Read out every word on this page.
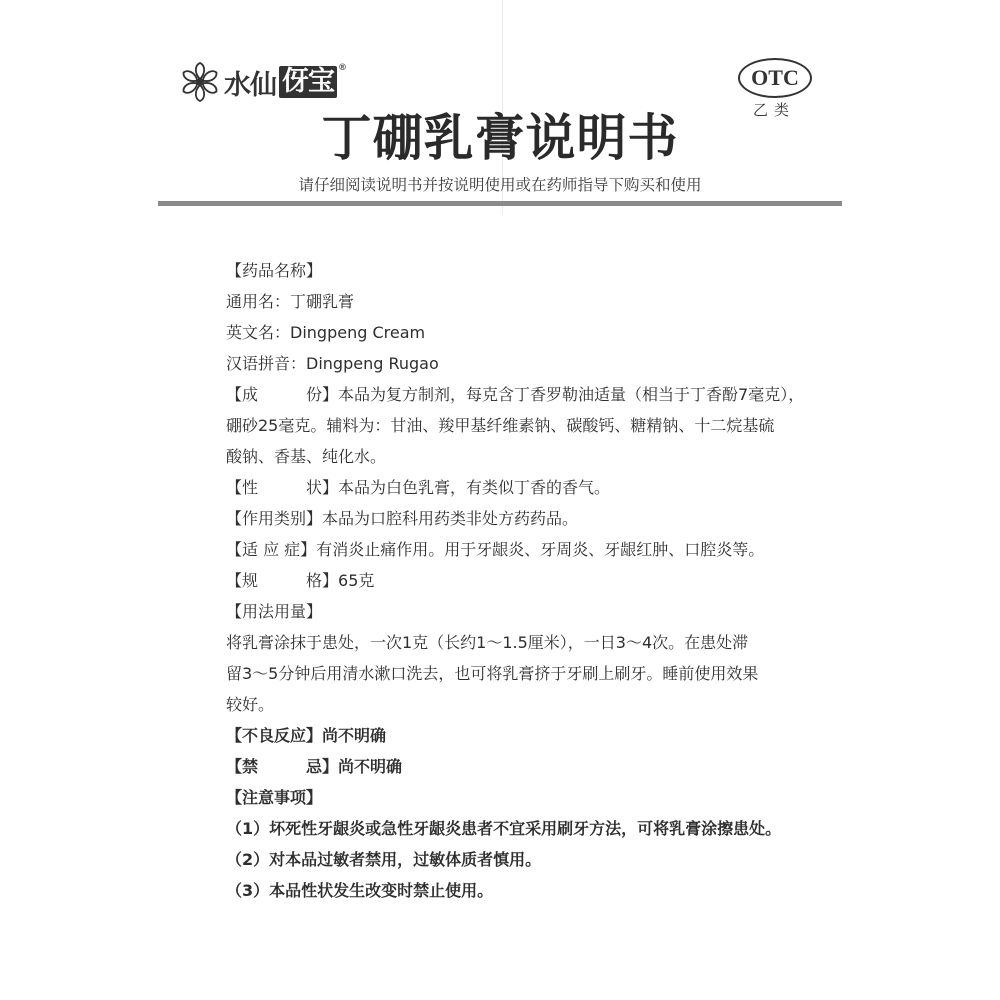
水仙 伢宝 ®	OTC
乙类
丁硼乳膏说明书
请仔细阅读说明书并按说明使用或在药师指导下购买和使用

【药品名称】

通用名：丁硼乳膏

英文名：Dingpeng Cream

汉语拼音：Dingpeng Rugao

【成	份】本品为复方制剂，每克含丁香罗勒油适量（相当于丁香酚7毫克），

硼砂25毫克。辅料为：甘油、羧甲基纤维素钠、碳酸钙、糖精钠、十二烷基硫

酸钠、香基、纯化水。

【性	状】本品为白色乳膏，有类似丁香的香气。

【作用类别】本品为口腔科用药类非处方药药品。

【适 应 症】有消炎止痛作用。用于牙龈炎、牙周炎、牙龈红肿、口腔炎等。

【规	格】65克

【用法用量】

将乳膏涂抹于患处，一次1克（长约1～1.5厘米），一日3～4次。在患处滞

留3～5分钟后用清水漱口洗去，也可将乳膏挤于牙刷上刷牙。睡前使用效果

较好。

【不良反应】尚不明确

【禁	忌】尚不明确

【注意事项】

（1）坏死性牙龈炎或急性牙龈炎患者不宜采用刷牙方法，可将乳膏涂擦患处。

（2）对本品过敏者禁用，过敏体质者慎用。

（3）本品性状发生改变时禁止使用。
